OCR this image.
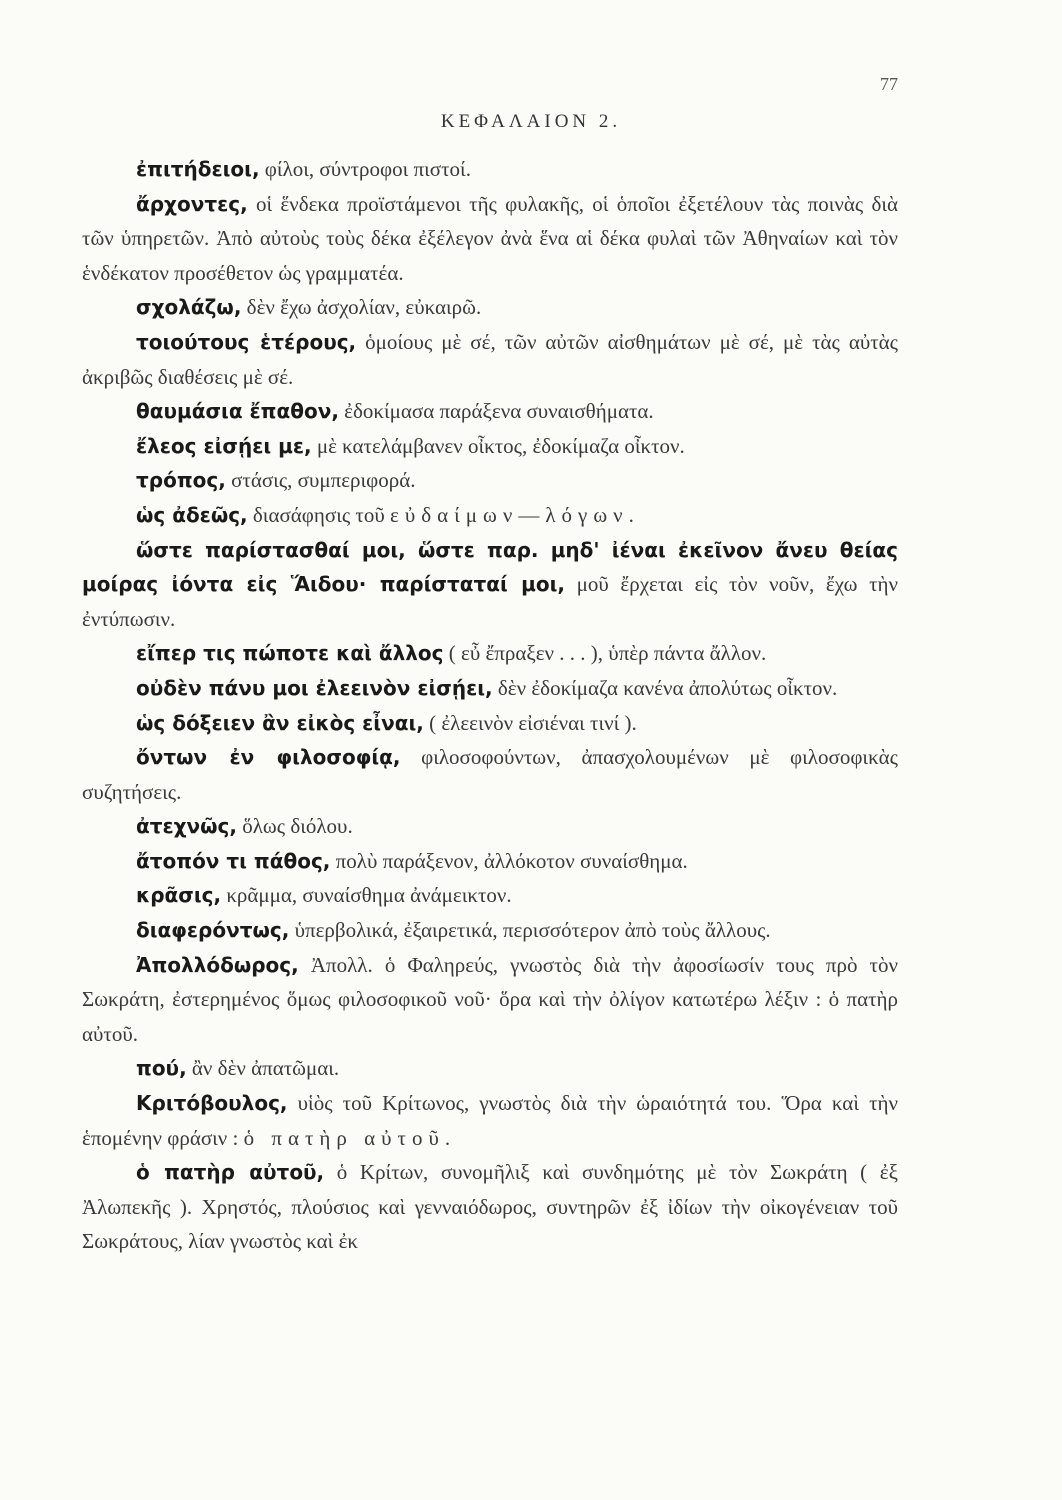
77
ΚΕΦΑΛΑΙΟΝ 2.

ἐπιτήδειοι, φίλοι, σύντροφοι πιστοί.

ἄρχοντες, οἱ ἕνδεκα προϊστάμενοι τῆς φυλακῆς, οἱ ὁποῖοι ἐξετέλουν τὰς ποινὰς διὰ τῶν ὑπηρετῶν. Ἀπὸ αὐτοὺς τοὺς δέκα ἐξέλεγον ἀνὰ ἕνα αἱ δέκα φυλαὶ τῶν Ἀθηναίων καὶ τὸν ἑνδέκατον προσέθετον ὡς γραμματέα.

σχολάζω, δὲν ἔχω ἀσχολίαν, εὐκαιρῶ.

τοιούτους ἑτέρους, ὁμοίους μὲ σέ, τῶν αὐτῶν αἰσθημάτων μὲ σέ, μὲ τὰς αὐτὰς ἀκριβῶς διαθέσεις μὲ σέ.

θαυμάσια ἔπαθον, ἐδοκίμασα παράξενα συναισθήματα.

ἔλεος εἰσῄει με, μὲ κατελάμβανεν οἶκτος, ἐδοκίμαζα οἶκτον.

τρόπος, στάσις, συμπεριφορά.

ὡς ἀδεῶς, διασάφησις τοῦ εὐδαίμων—λόγων.

ὥστε παρίστασθαί μοι, ὥστε παρ. μηδ' ἰέναι ἐκεῖνον ἄνευ θείας μοίρας ἰόντα εἰς Ἅιδου· παρίσταταί μοι, μοῦ ἔρχεται εἰς τὸν νοῦν, ἔχω τὴν ἐντύπωσιν.

εἴπερ τις πώποτε καὶ ἄλλος ( εὖ ἔπραξεν . . . ), ὑπὲρ πάντα ἄλλον.

οὐδὲν πάνυ μοι ἐλεεινὸν εἰσῄει, δὲν ἐδοκίμαζα κανένα ἀπολύτως οἶκτον.

ὡς δόξειεν ἂν εἰκὸς εἶναι, ( ἐλεεινὸν εἰσιέναι τινί ).

ὄντων ἐν φιλοσοφίᾳ, φιλοσοφούντων, ἀπασχολουμένων μὲ φιλοσοφικὰς συζητήσεις.

ἀτεχνῶς, ὅλως διόλου.

ἄτοπόν τι πάθος, πολὺ παράξενον, ἀλλόκοτον συναίσθημα.

κρᾶσις, κρᾶμμα, συναίσθημα ἀνάμεικτον.

διαφερόντως, ὑπερβολικά, ἐξαιρετικά, περισσότερον ἀπὸ τοὺς ἄλλους.

Ἀπολλόδωρος, Ἀπολλ. ὁ Φαληρεύς, γνωστὸς διὰ τὴν ἀφοσίωσίν τους πρὸ τὸν Σωκράτη, ἐστερημένος ὅμως φιλοσοφικοῦ νοῦ· ὅρα καὶ τὴν ὀλίγον κατωτέρω λέξιν : ὁ πατὴρ αὐτοῦ.

πού, ἂν δὲν ἀπατῶμαι.

Κριτόβουλος, υἱὸς τοῦ Κρίτωνος, γνωστὸς διὰ τὴν ὡραιότητά του. Ὅρα καὶ τὴν ἑπομένην φράσιν : ὁ πατὴρ αὐτοῦ.

ὁ πατὴρ αὐτοῦ, ὁ Κρίτων, συνομῆλιξ καὶ συνδημότης μὲ τὸν Σωκράτη ( ἐξ Ἀλωπεκῆς ). Χρηστός, πλούσιος καὶ γενναιόδωρος, συντηρῶν ἐξ ἰδίων τὴν οἰκογένειαν τοῦ Σωκράτους, λίαν γνωστὸς καὶ ἐκ
